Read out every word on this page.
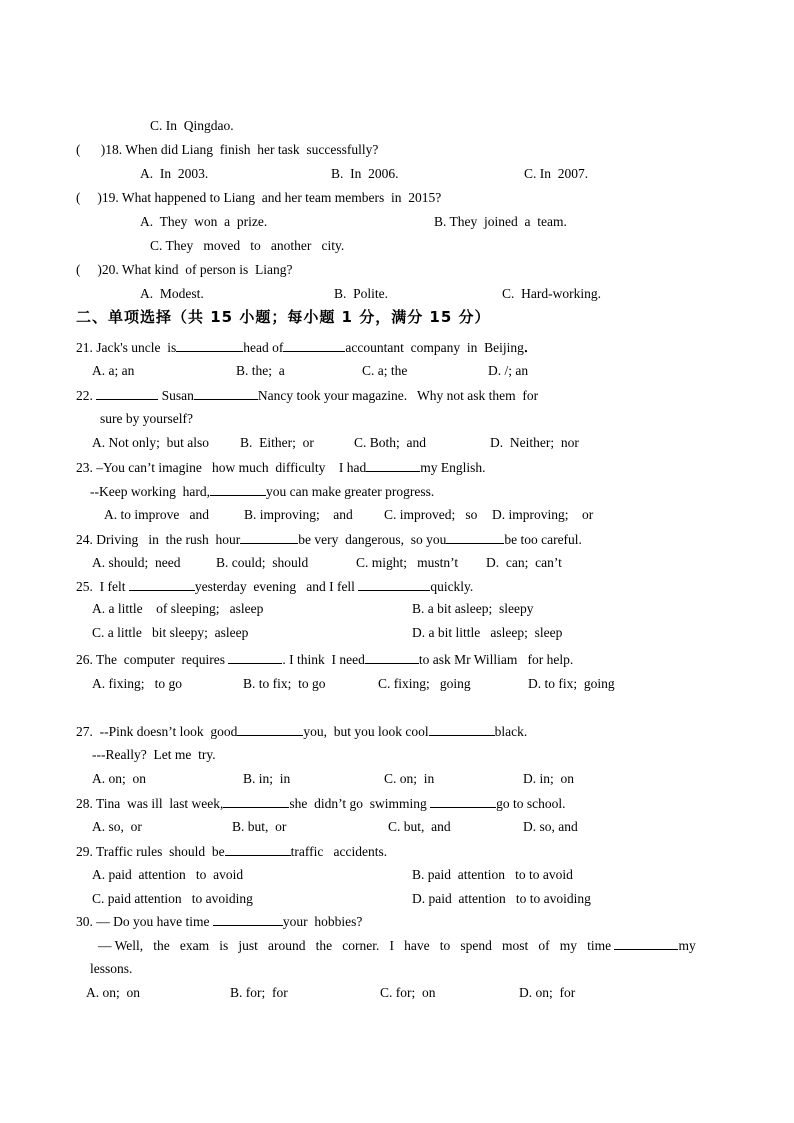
C. In  Qingdao.
(      )18. When did Liang  finish  her task  successfully?
A.  In  2003.	B.  In  2006.	C. In  2007.
(     )19. What happened to Liang  and her team members  in  2015?
A.  They  won  a  prize.	B. They  joined  a  team.
C. They   moved   to   another   city.
(     )20. What kind  of person is  Liang?
A.  Modest.	B.  Polite.	C.  Hard-working.
二、单项选择（共 15 小题；每小题 1 分，满分 15 分）
21. Jack's uncle  is	head of	accountant  company  in  Beijing．
A. a; an	B. the;  a	C. a; the	D. /; an
22.	Susan	Nancy took your magazine.   Why not ask them  for
sure by yourself?
A. Not only;  but also B.  Either;  or	C. Both;  and	D.  Neither;  nor
23. –You can’t imagine   how much  difficulty    I had	my English.
--Keep working  hard,	you can make greater progress.
A. to improve   and	B. improving;    and C. improved;   so D. improving;    or
24. Driving   in  the rush  hour	be very  dangerous,  so you	be too careful.
A. should;  need	B. could;  should	C. might;   mustn’t D.  can;  can’t
25.  I felt	yesterday  evening   and I fell	quickly.
A. a little    of sleeping;   asleep	B. a bit asleep;  sleepy
C. a little   bit sleepy;  asleep	D. a bit little   asleep;  sleep
26. The  computer  requires	. I think  I need	to ask Mr William   for help.
A. fixing;   to go	B. to fix;  to go	C. fixing;   going	D. to fix;  going
27.  --Pink doesn’t look  good	you,  but you look cool	black.
---Really?  Let me  try.
A. on;  on	B. in;  in	C. on;  in	D. in;  on
28. Tina  was ill  last week,	she  didn’t go  swimming	go to school.
A. so,  or	B. but,  or	C. but,  and	D. so, and
29. Traffic rules  should  be	traffic   accidents.
A. paid  attention   to  avoid	B. paid  attention   to to avoid
C. paid attention   to avoiding	D. paid  attention   to to avoiding
30. — Do you have time	your  hobbies?
— Well,   the   exam   is   just   around   the   corner.   I   have   to   spend   most   of   my   time	my
lessons.
A. on;  on	B. for;  for	C. for;  on	D. on;  for
